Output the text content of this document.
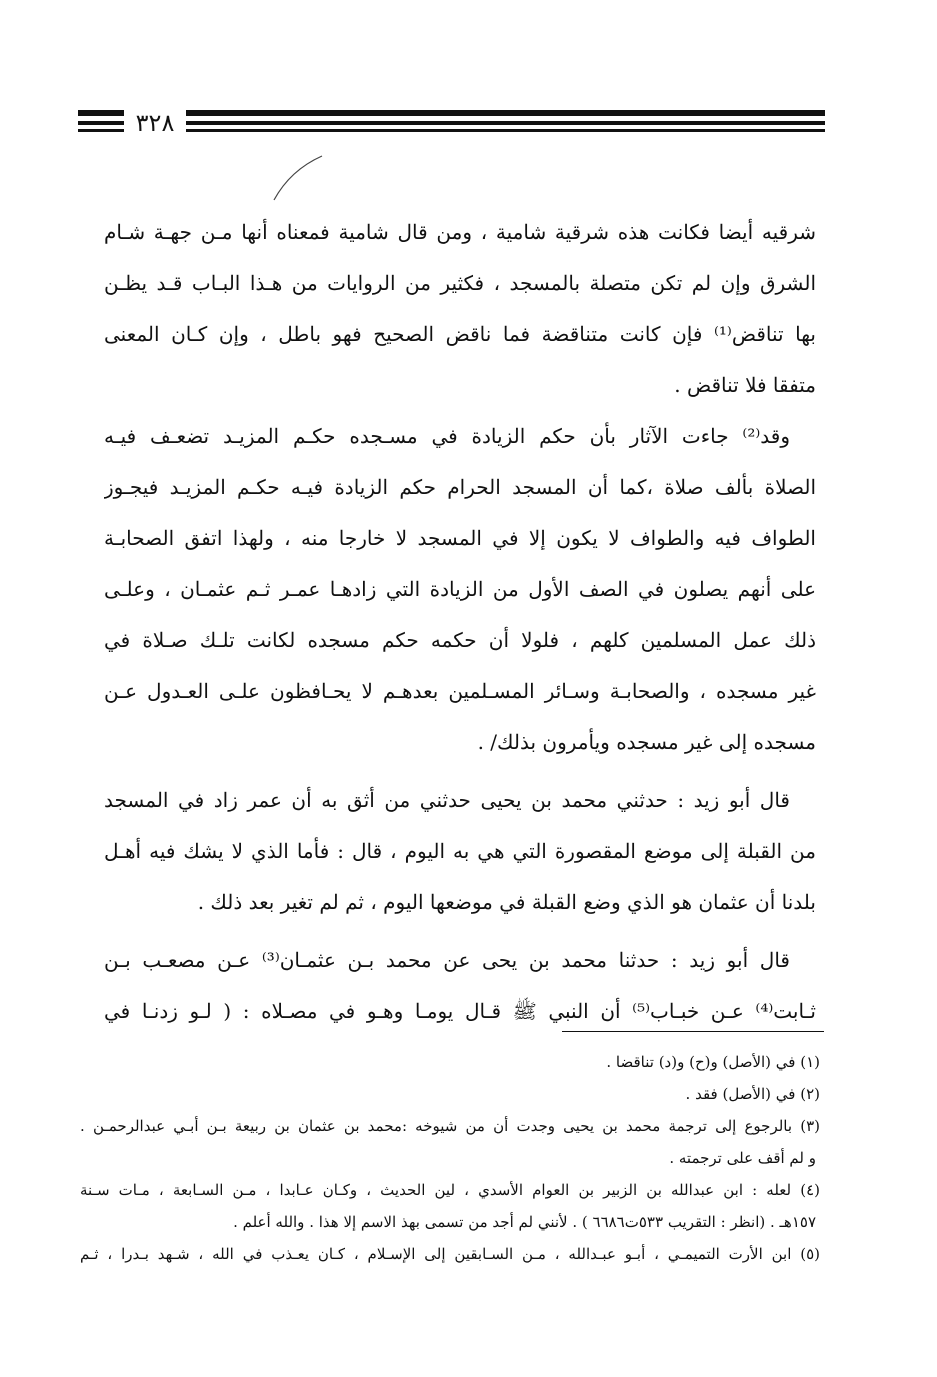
٣٢٨
شرقيه أيضا فكانت هذه شرقية شامية ، ومن قال شامية فمعناه أنها مـن جهـة شـام
الشرق وإن لم تكن متصلة بالمسجد ، فكثير من الروايات من هـذا البـاب قـد يظـن
بها تناقض⁽¹⁾ فإن كانت متناقضة فما ناقض الصحيح فهو باطل ، وإن كـان المعنى
متفقا فلا تناقض .
وقد⁽²⁾ جاءت الآثار بأن حكم الزيادة في مسـجده حكـم المزيـد تضعـف فيـه
الصلاة بألف صلاة ،كما أن المسجد الحرام حكم الزيادة فيـه حكـم المزيـد فيجـوز
الطواف فيه والطواف لا يكون إلا في المسجد لا خارجا منه ، ولهذا اتفق الصحابـة
على أنهم يصلون في الصف الأول من الزيادة التي زادهـا عمـر ثـم عثمـان ، وعلـى
ذلك عمل المسلمين كلهم ، فلولا أن حكمه حكم مسجده لكانت تلـك صـلاة في
غير مسجده ، والصحابـة وسـائر المسـلمين بعدهـم لا يحـافظون علـى العـدول عـن
مسجده إلى غير مسجده ويأمرون بذلك/ .
قال أبو زيد : حدثني محمد بن يحيى حدثني من أثق به أن عمر زاد في المسجد
من القبلة إلى موضع المقصورة التي هي به اليوم ، قال : فأما الذي لا يشك فيه أهـل
بلدنا أن عثمان هو الذي وضع القبلة في موضعها اليوم ، ثم لم تغير بعد ذلك .
قال أبو زيد : حدثنا محمد بن يحى عن محمد بـن عثمـان⁽³⁾ عـن مصعـب بـن
ثـابت⁽⁴⁾ عـن خبـاب⁽⁵⁾ أن النبي ﷺ قـال يومـا وهـو في مصـلاه : ( لـو زدنـا في
(١) في (الأصل) و(ح) و(د) تناقضا .
(٢) في (الأصل) فقد .
(٣) بالرجوع إلى ترجمة محمد بن يحيى وجدت أن من شيوخه :محمد بن عثمان بن ربيعة بـن أبـي عبدالرحمـن .
و لم أقف على ترجمته .
(٤) لعله : ابن عبدالله بن الزبير بن العوام الأسدي ، لين الحديث ، وكـان عـابدا ، مـن السـابعة ، مـات سـنة
١٥٧هـ . (انظر : التقريب ٥٣٣ت٦٦٨٦ ) . لأنني لم أجد من تسمى بهذ الاسم إلا هذا . والله أعلم .
(٥) ابن الأرت التميمـي ، أبـو عبـدالله ، مـن السـابقين إلى الإسـلام ، كـان يعـذب في الله ، شـهد بـدرا ، ثـم
